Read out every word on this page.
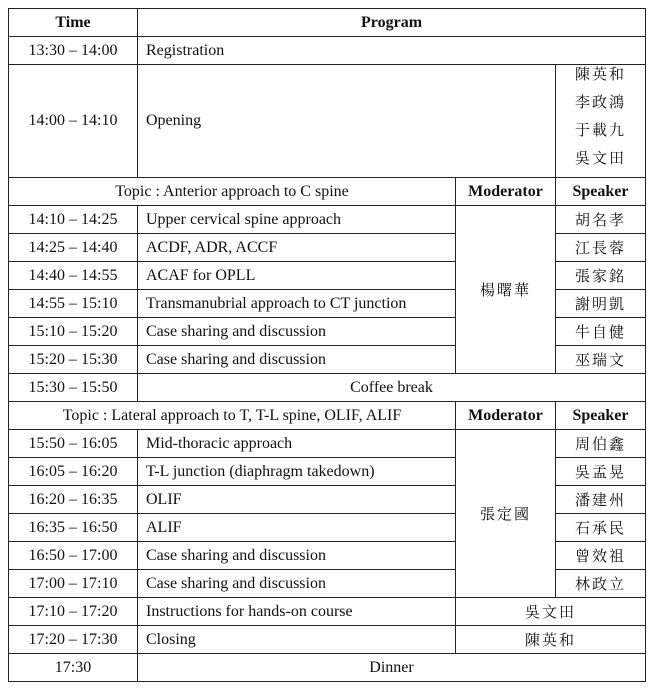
Time	Program		
13:30 – 14:00	Registration		
14:00 – 14:10	Opening		陳英和
李政鴻
于載九
吳文田

Topic : Anterior approach to C spine		Moderator	Speaker
14:10 – 14:25	Upper cervical spine approach	楊曙華	胡名孝
14:25 – 14:40	ACDF, ADR, ACCF		江長蓉
14:40 – 14:55	ACAF for OPLL		張家銘
14:55 – 15:10	Transmanubrial approach to CT junction		謝明凱
15:10 – 15:20	Case sharing and discussion		牛自健
15:20 – 15:30	Case sharing and discussion		巫瑞文
15:30 – 15:50	Coffee break		
Topic : Lateral approach to T, T-L spine, OLIF, ALIF		Moderator	Speaker
15:50 – 16:05	Mid-thoracic approach	張定國	周伯鑫
16:05 – 16:20	T-L junction (diaphragm takedown)		吳孟晃
16:20 – 16:35	OLIF		潘建州
16:35 – 16:50	ALIF		石承民
16:50 – 17:00	Case sharing and discussion		曾效祖
17:00 – 17:10	Case sharing and discussion		林政立
17:10 – 17:20	Instructions for hands-on course	吳文田	
17:20 – 17:30	Closing	陳英和	
17:30	Dinner		
